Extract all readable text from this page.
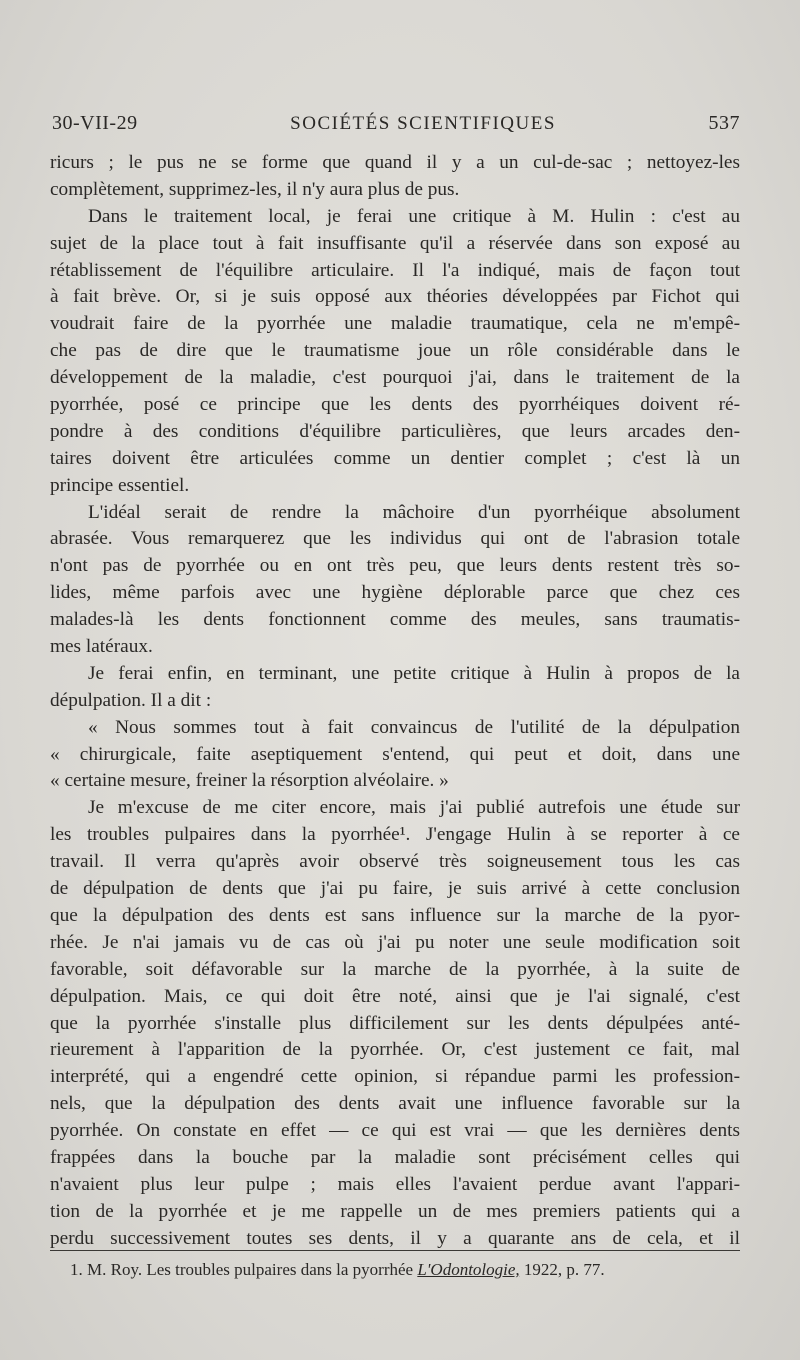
30-VII-29	SOCIÉTÉS SCIENTIFIQUES	537
ricurs ; le pus ne se forme que quand il y a un cul-de-sac ; nettoyez-les
complètement, supprimez-les, il n'y aura plus de pus.
Dans le traitement local, je ferai une critique à M. Hulin : c'est au
sujet de la place tout à fait insuffisante qu'il a réservée dans son exposé au
rétablissement de l'équilibre articulaire. Il l'a indiqué, mais de façon tout
à fait brève. Or, si je suis opposé aux théories développées par Fichot qui
voudrait faire de la pyorrhée une maladie traumatique, cela ne m'empê-
che pas de dire que le traumatisme joue un rôle considérable dans le
développement de la maladie, c'est pourquoi j'ai, dans le traitement de la
pyorrhée, posé ce principe que les dents des pyorrhéiques doivent ré-
pondre à des conditions d'équilibre particulières, que leurs arcades den-
taires doivent être articulées comme un dentier complet ; c'est là un
principe essentiel.
L'idéal serait de rendre la mâchoire d'un pyorrhéique absolument
abrasée. Vous remarquerez que les individus qui ont de l'abrasion totale
n'ont pas de pyorrhée ou en ont très peu, que leurs dents restent très so-
lides, même parfois avec une hygiène déplorable parce que chez ces
malades-là les dents fonctionnent comme des meules, sans traumatis-
mes latéraux.
Je ferai enfin, en terminant, une petite critique à Hulin à propos de la
dépulpation. Il a dit :
« Nous sommes tout à fait convaincus de l'utilité de la dépulpation
« chirurgicale, faite aseptiquement s'entend, qui peut et doit, dans une
« certaine mesure, freiner la résorption alvéolaire. »
Je m'excuse de me citer encore, mais j'ai publié autrefois une étude sur
les troubles pulpaires dans la pyorrhée¹. J'engage Hulin à se reporter à ce
travail. Il verra qu'après avoir observé très soigneusement tous les cas
de dépulpation de dents que j'ai pu faire, je suis arrivé à cette conclusion
que la dépulpation des dents est sans influence sur la marche de la pyor-
rhée. Je n'ai jamais vu de cas où j'ai pu noter une seule modification soit
favorable, soit défavorable sur la marche de la pyorrhée, à la suite de
dépulpation. Mais, ce qui doit être noté, ainsi que je l'ai signalé, c'est
que la pyorrhée s'installe plus difficilement sur les dents dépulpées anté-
rieurement à l'apparition de la pyorrhée. Or, c'est justement ce fait, mal
interprété, qui a engendré cette opinion, si répandue parmi les profession-
nels, que la dépulpation des dents avait une influence favorable sur la
pyorrhée. On constate en effet — ce qui est vrai — que les dernières dents
frappées dans la bouche par la maladie sont précisément celles qui
n'avaient plus leur pulpe ; mais elles l'avaient perdue avant l'appari-
tion de la pyorrhée et je me rappelle un de mes premiers patients qui a
perdu successivement toutes ses dents, il y a quarante ans de cela, et il
1. M. Roy. Les troubles pulpaires dans la pyorrhée L'Odontologie, 1922, p. 77.
